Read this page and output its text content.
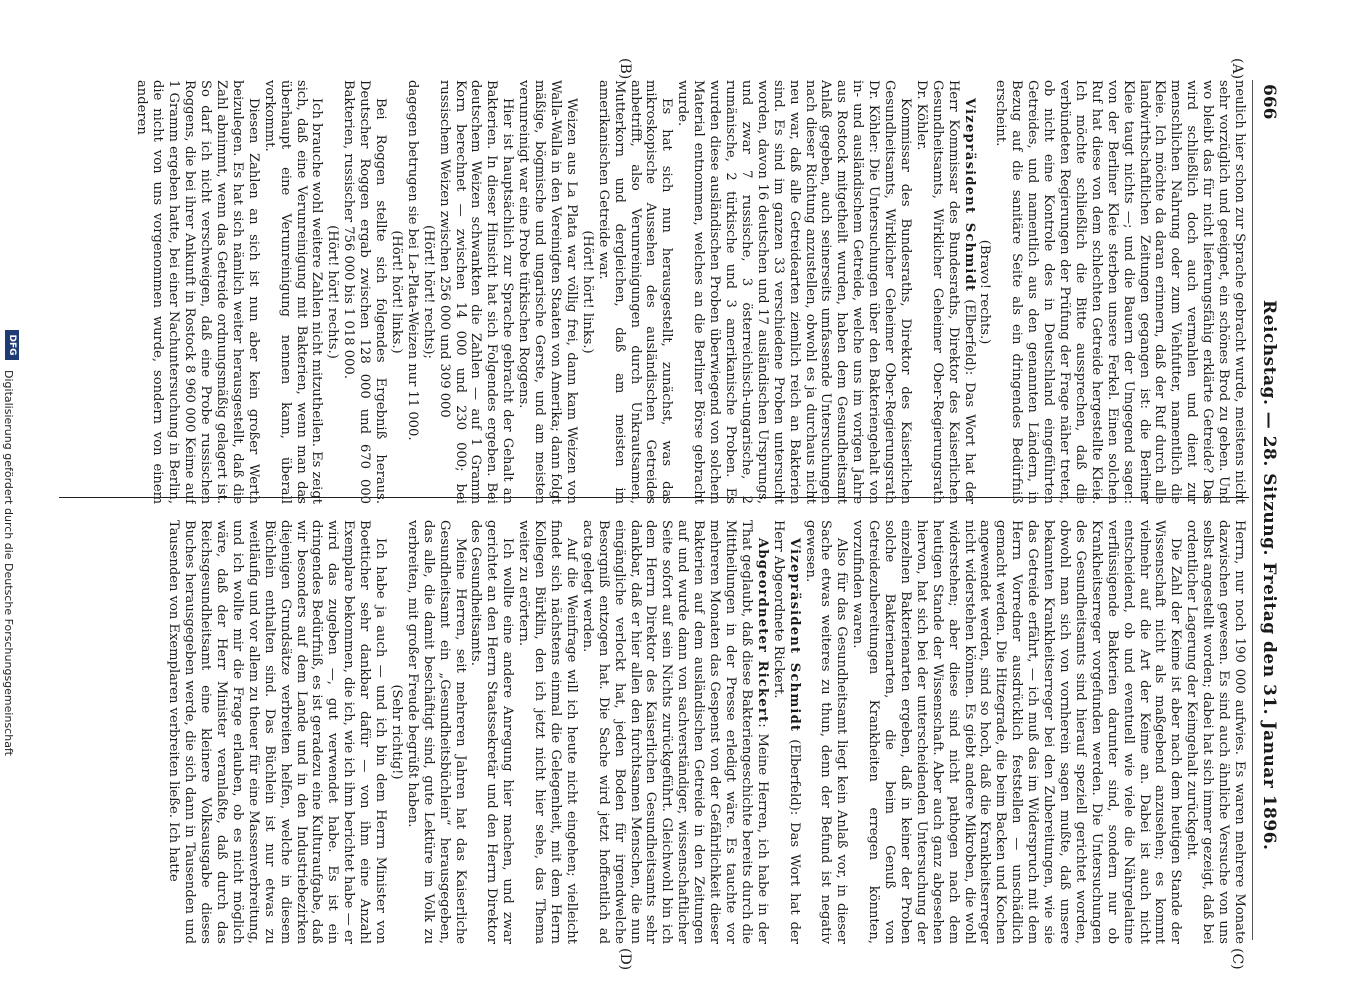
666
Reichstag. — 28. Sitzung. Freitag den 31. Januar 1896.
(A)
(B)
(C)
(D)

neulich hier schon zur Sprache gebracht wurde, meistens nicht sehr vorzüglich und geeignet, ein schönes Brod zu geben. Und wo bleibt das für nicht lieferungsfähig erklärte Getreide? Das wird schließlich doch auch vermahlen und dient zur menschlichen Nahrung oder zum Viehfutter, namentlich die Kleie. Ich möchte da daran erinnern, daß der Ruf durch alle landwirthschaftlichen Zeitungen gegangen ist: die Berliner Kleie taugt nichts —; und die Bauern der Umgegend sagen: von der Berliner Kleie sterben unsere Ferkel. Einen solchen Ruf hat diese von dem schlechten Getreide hergestellte Kleie. Ich möchte schließlich die Bitte aussprechen, daß die verbündeten Regierungen der Prüfung der Frage näher treten, ob nicht eine Kontrole des in Deutschland eingeführten Getreides, und namentlich aus den genannten Ländern, in Bezug auf die sanitäre Seite als ein dringendes Bedürfniß erscheint.

(Bravo! rechts.)

Vizepräsident Schmidt (Elberfeld): Das Wort hat der Herr Kommissar des Bundesraths, Direktor des Kaiserlichen Gesundheitsamts, Wirklicher Geheimer Ober-Regierungsrath Dr. Köhler.

Kommissar des Bundesraths, Direktor des Kaiserlichen Gesundheitsamts, Wirklicher Geheimer Ober-Regierungsrath Dr. Köhler: Die Untersuchungen über den Bakteriengehalt von in- und ausländischem Getreide, welche uns im vorigen Jahre aus Rostock mitgetheilt wurden, haben dem Gesundheitsamt Anlaß gegeben, auch seinerseits umfassende Untersuchungen nach dieser Richtung anzustellen, obwohl es ja durchaus nicht neu war, daß alle Getreidearten ziemlich reich an Bakterien sind. Es sind im ganzen 33 verschiedene Proben untersucht worden, davon 16 deutschen und 17 ausländischen Ursprungs, und zwar 7 russische, 3 österreichisch-ungarische, 2 rumänische, 2 türkische und 3 amerikanische Proben. Es wurden diese ausländischen Proben überwiegend von solchem Material entnommen, welches an die Berliner Börse gebracht wurde.

Es hat sich nun herausgestellt, zunächst, was das mikroskopische Aussehen des ausländischen Getreides anbetrifft, also Verunreinigungen durch Unkrautsamen, Mutterkorn und dergleichen, daß am meisten im amerikanischen Getreide war.

(Hört! hört! links.)

Weizen aus La Plata war völlig frei, dann kam Weizen von Walla-Walla in den Vereinigten Staaten von Amerika; dann folgt mäßige, bögmische und ungarische Gerste, und am meisten verunreinigt war eine Probe türkischen Roggens.

Hier ist hauptsächlich zur Sprache gebracht der Gehalt an Bakterien. In dieser Hinsicht hat sich Folgendes ergeben. Bei deutschem Weizen schwankten die Zahlen — auf 1 Gramm Korn berechnet — zwischen 14 000 und 230 000; bei russischem Weizen zwischen 256 000 und 309 000

(Hört! hört! rechts);

dagegen betrugen sie bei La-Plata-Weizen nur 11 000.

(Hört! hört! links.)

Bei Roggen stellte sich folgendes Ergebniß heraus. Deutscher Roggen ergab zwischen 128 000 und 670 000 Bakterien, russischer 756 000 bis 1 018 000.

(Hört! hört! rechts.)

Ich brauche wohl weitere Zahlen nicht mitzutheilen. Es zeigt sich, daß eine Verunreinigung mit Bakterien, wenn man das überhaupt eine Verunreinigung nennen kann, überall vorkommt.

Diesen Zahlen an sich ist nun aber kein großer Werth beizulegen. Es hat sich nämlich weiter herausgestellt, daß die Zahl abnimmt, wenn das Getreide ordnungsmäßig gelagert ist. So darf ich nicht verschweigen, daß eine Probe russischen Roggens, die bei ihrer Ankunft in Rostock 8 960 000 Keime auf 1 Gramm ergeben hatte, bei einer Nachuntersuchung in Berlin, die nicht von uns vorgenommen wurde, sondern von einem anderen

Herrn, nur noch 190 000 aufwies. Es waren mehrere Monate dazwischen gewesen. Es sind auch ähnliche Versuche von uns selbst angestellt worden; dabei hat sich immer gezeigt, daß bei ordentlicher Lagerung der Keimgehalt zurückgeht.

Die Zahl der Keime ist aber nach dem heutigen Stande der Wissenschaft nicht als maßgebend anzusehen; es kommt vielmehr auf die Art der Keime an. Dabei ist auch nicht entscheidend, ob und eventuell wie viele die Nährgelatine verflüssigende Bakterien darunter sind, sondern nur ob Krankheitserreger vorgefunden werden. Die Untersuchungen des Gesundheitsamts sind hierauf speziell gerichtet worden, obwohl man sich von vornherein sagen mußte, daß unsere bekannten Krankheitserreger bei den Zubereitungen, wie sie das Getreide erfährt, — ich muß das im Widerspruch mit dem Herrn Vorredner ausdrücklich feststellen — unschädlich gemacht werden. Die Hitzegrade, die beim Backen und Kochen angewendet werden, sind so hoch, daß die Krankheitserreger nicht widerstehen können. Es giebt andere Mikroben, die wohl widerstehen; aber diese sind nicht pathogen nach dem heutigen Stande der Wissenschaft. Aber auch ganz abgesehen hiervon, hat sich bei der unterscheidenden Untersuchung der einzelnen Bakterienarten ergeben, daß in keiner der Proben solche Bakterienarten, die beim Genuß von Getreidezubereitungen Krankheiten erregen könnten, vorzufinden waren.

Also für das Gesundheitsamt liegt kein Anlaß vor, in dieser Sache etwas weiteres zu thun, denn der Befund ist negativ gewesen.

Vizepräsident Schmidt (Elberfeld): Das Wort hat der Herr Abgeordnete Rickert.

Abgeordneter Rickert: Meine Herren, ich habe in der That geglaubt, daß diese Bakteriengeschichte bereits durch die Mittheilungen in der Presse erledigt wäre. Es tauchte vor mehreren Monaten das Gespenst von der Gefährlichkeit dieser Bakterien auf dem ausländischen Getreide in den Zeitungen auf und wurde dann von sachverständiger, wissenschaftlicher Seite sofort auf sein Nichts zurückgeführt. Gleichwohl bin ich dem Herrn Direktor des Kaiserlichen Gesundheitsamts sehr dankbar, daß er hier allen den furchtsamen Menschen, die nun eingängliche verlockt hat, jeden Boden für irgendwelche Besorgniß entzogen hat. Die Sache wird jetzt hoffentlich ad acta gelegt werden.

Auf die Weinfrage will ich heute nicht eingehen; vielleicht findet sich nächstens einmal die Gelegenheit, mit dem Herrn Kollegen Bürklin, den ich jetzt nicht hier sehe, das Thema weiter zu erörtern.

Ich wollte eine andere Anregung hier machen, und zwar gerichtet an den Herrn Staatssekretär und den Herrn Direktor des Gesundheitsamts.

Meine Herren, seit mehreren Jahren hat das Kaiserliche Gesundheitsamt ein „Gesundheitsbüchlein“ herausgegeben, das alle, die damit beschäftigt sind, gute Lektüre im Volk zu verbreiten, mit großer Freude begrüßt haben.

(Sehr richtig!)

Ich habe ja auch — und ich bin dem Herrn Minister von Boetticher sehr dankbar dafür — von ihm eine Anzahl Exemplare bekommen, die ich, wie ich ihm berichtet habe — er wird das zugeben —, gut verwendet habe. Es ist ein dringendes Bedürfniß, es ist geradezu eine Kulturaufgabe, daß wir besonders auf dem Lande und in den Industriebezirken diejenigen Grundsätze verbreiten helfen, welche in diesem Büchlein enthalten sind. Das Büchlein ist nur etwas zu weitläufig und vor allem zu theuer für eine Massenverbreitung, und ich wollte mir die Frage erlauben, ob es nicht möglich wäre, daß der Herr Minister veranlaßte, daß durch das Reichsgesundheitsamt eine kleinere Volksausgabe dieses Buches herausgegeben werde, die sich dann in Tausenden und Tausenden von Exemplaren verbreiten ließe. Ich hatte

DFG
Digitalisierung gefördert durch die Deutsche Forschungsgemeinschaft
